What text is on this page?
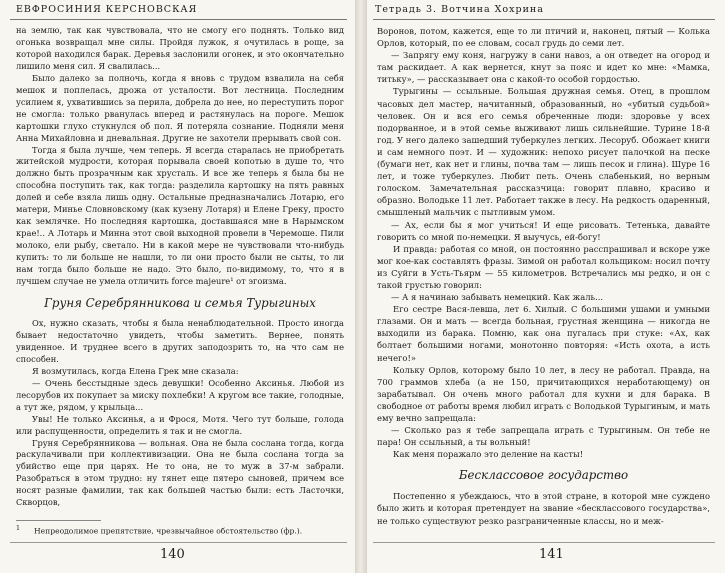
ЕВФРОСИНИЯ КЕРСНОВСКАЯ

на землю, так как чувствовала, что не смогу его поднять. Только вид огонька возвращал мне силы. Пройдя лужок, я очутилась в роще, за которой находился барак. Деревья заслонили огонек, и это окончательно лишило меня сил. Я свалилась...

Было далеко за полночь, когда я вновь с трудом взвалила на себя мешок и поплелась, дрожа от усталости. Вот лестница. Последним усилием я, ухватившись за перила, добрела до нее, но переступить порог не смогла: только рванулась вперед и растянулась на пороге. Мешок картошки глухо стукнулся об пол. Я потеряла сознание. Подняли меня Анна Михайловна и дневальная. Другие не захотели прерывать свой сон.

Тогда я была лучше, чем теперь. Я всегда старалась не приобретать житейской мудрости, которая порывала своей копотью в душе то, что должно быть прозрачным как хрусталь. И все же теперь я была бы не способна поступить так, как тогда: разделила картошку на пять равных долей и себе взяла лишь одну. Остальные предназначались Лотарю, его матери, Минье Словновскому (как кузену Лотаря) и Елене Греку, просто как землячке. Но последняя картошка, доставшаяся мне в Нарымском крае!.. А Лотарь и Минна этот свой выходной провели в Черемоше. Пили молоко, ели рыбу, светало. Ни в какой мере не чувствовали что-нибудь купить: то ли больше не нашли, то ли они просто были не сыты, то ли нам тогда было больше не надо. Это было, по-видимому, то, что я в лучшем случае не умела отличить force majeure¹ от эгоизма.

Груня Серебрянникова и семья Турыгиных

Ох, нужно сказать, чтобы я была ненаблюдательной. Просто иногда бывает недостаточно увидеть, чтобы заметить. Вернее, понять увиденное. И труднее всего в других заподозрить то, на что сам не способен.

Я возмутилась, когда Елена Грек мне сказала:

— Очень бесстыдные здесь девушки! Особенно Аксинья. Любой из лесорубов их покупает за миску похлебки! А кругом все такие, голодные, а тут же, рядом, у крыльца...

Увы! Не только Аксинья, а и Фрося, Мотя. Чего тут больше, голода или распущенности, определить я так и не смогла.

Груня Серебрянникова — вольная. Она не была сослана тогда, когда раскулачивали при коллективизации. Она не была сослана тогда за убийство еще при царях. Не то она, не то муж в 37-м забрали. Разобраться в этом трудно: ну тянет еще пятеро сыновей, причем все носят разные фамилии, так как большей частью были: есть Ласточки, Скворцов,

$^1$ Непреодолимое препятствие, чрезвычайное обстоятельство (фр.).
140
Тетрадь 3. Вотчина Хохрина

Воронов, потом, кажется, еще то ли птичий и, наконец, пятый — Колька Орлов, который, по ее словам, сосал грудь до семи лет.

— Запрягу ему коня, нагружу в сани навоз, а он отведет на огород и там раскидает. А как вернется, кнут за пояс и идет ко мне: «Мамка, титьку», — рассказывает она с какой-то особой гордостью.

Турыгины — ссыльные. Большая дружная семья. Отец, в прошлом часовых дел мастер, начитанный, образованный, но «убитый судьбой» человек. Он и вся его семья обреченные люди: здоровье у всех подорванное, и в этой семье выживают лишь сильнейшие. Турине 18-й год. У него далеко зашедший туберкулез легких. Лесоруб. Обожает книги и сам немного поэт. И — художник: непохо рисует палочкой на песке (бумаги нет, как нет и глины, почва там — лишь песок и глина). Шуре 16 лет, и тоже туберкулез. Любит петь. Очень слабенький, но верным голоском. Замечательная рассказчица: говорит плавно, красиво и образно. Володьке 11 лет. Работает также в лесу. На редкость одаренный, смышленый мальчик с пытливым умом.

— Ах, если бы я мог учиться! И еще рисовать. Тетенька, давайте говорить со мной по-немецки. Я выучусь, ей-богу!

И правда: работая со мной, он постоянно расспрашивал и вскоре уже мог кое-как составлять фразы. Зимой он работал кольщиком: носил почту из Суйги в Усть-Тьярм — 55 километров. Встречались мы редко, и он с такой грустью говорил:

— А я начинаю забывать немецкий. Как жаль...

Его сестре Вася-левша, лет 6. Хилый. С большими ушами и умными глазами. Он и мать — всегда больная, грустная женщина — никогда не выходили из барака. Помню, как она пугалась при стуке: «Ах, как болтает большими ногами, монотонно повторяя: «Исть охота, а исть нечего!»

Кольку Орлов, которому было 10 лет, в лесу не работал. Правда, на 700 граммов хлеба (а не 150, причитающихся неработающему) он зарабатывал. Он очень много работал для кухни и для барака. В свободное от работы время любил играть с Володькой Турыгиным, и мать ему вечно запрещала:

— Сколько раз я тебе запрещала играть с Турыгиным. Он тебе не пара! Он ссыльный, а ты вольный!

Как меня поражало это деление на касты!

Бесклассовое государство

Постепенно я убеждаюсь, что в этой стране, в которой мне суждено было жить и которая претендует на звание «бесклассового государства», не только существуют резко разграниченные классы, но и меж-

141
